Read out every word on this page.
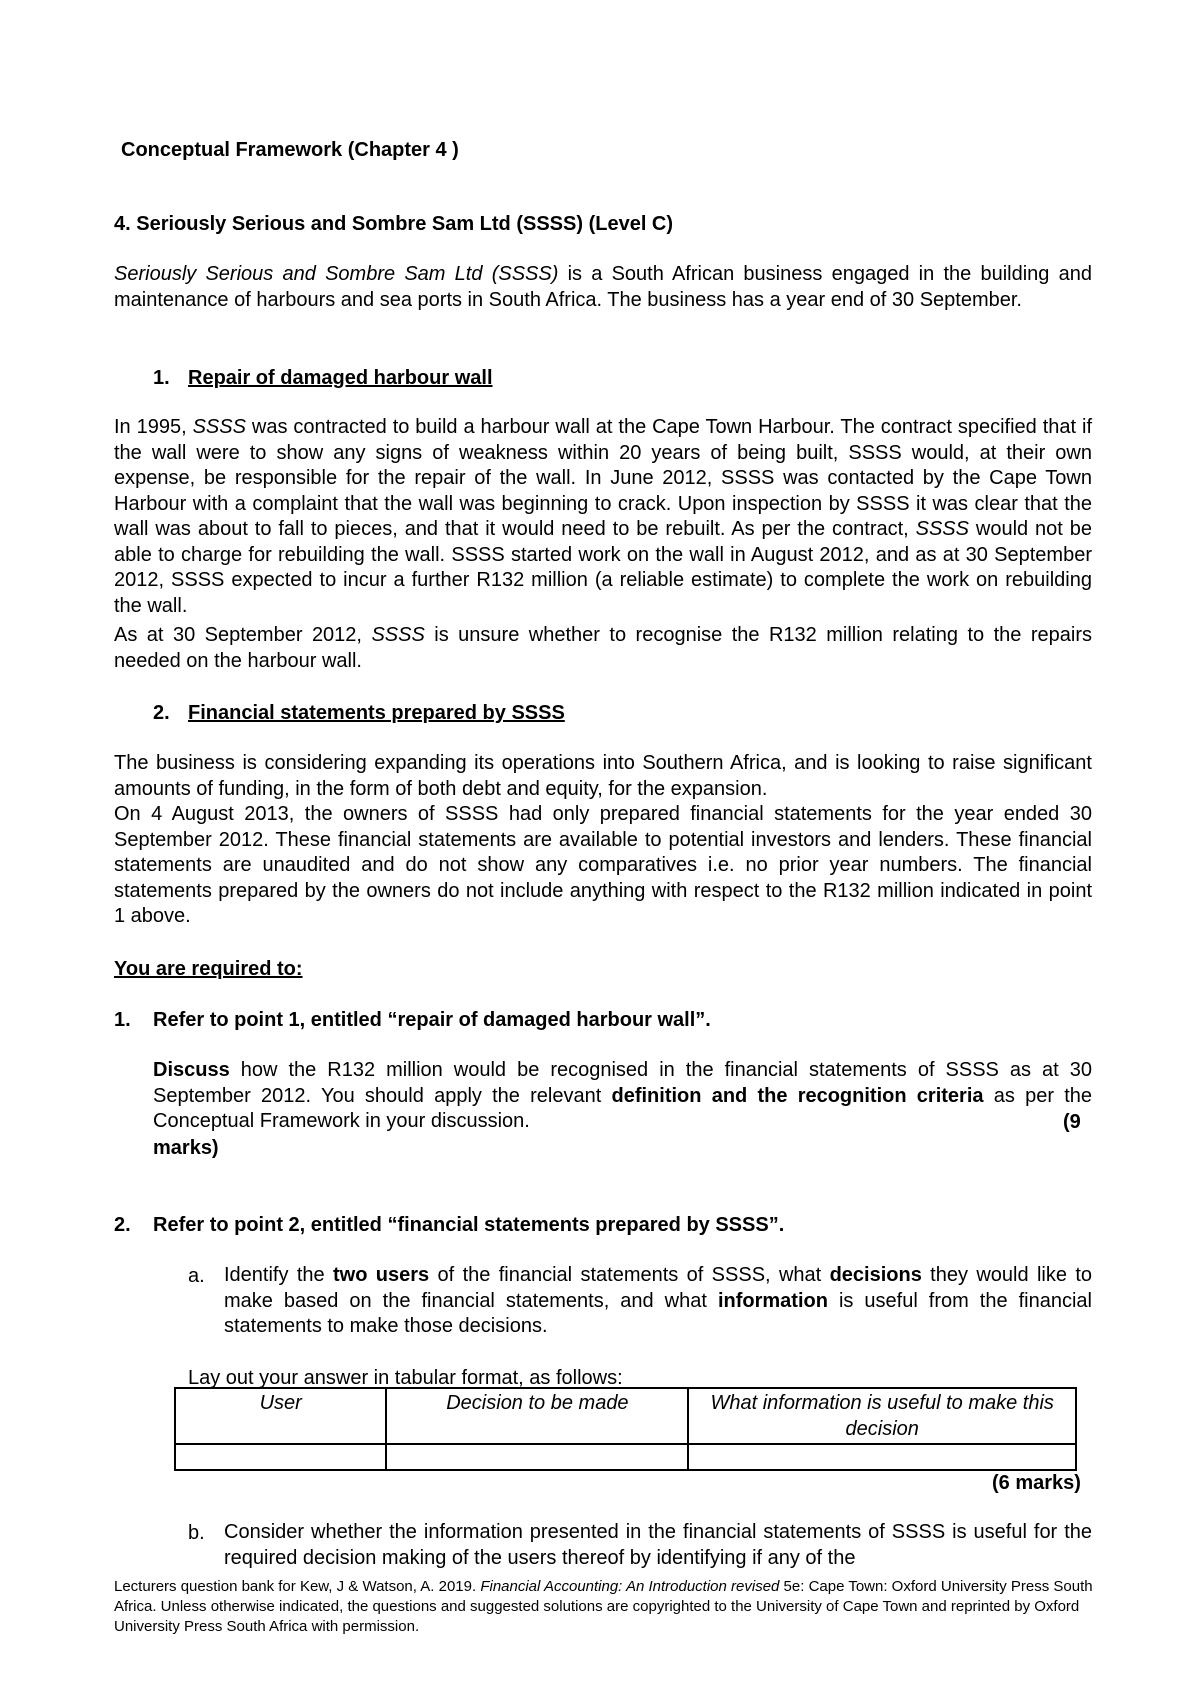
Conceptual Framework (Chapter 4 )
4. Seriously Serious and Sombre Sam Ltd (SSSS) (Level C)
Seriously Serious and Sombre Sam Ltd (SSSS) is a South African business engaged in the building and maintenance of harbours and sea ports in South Africa. The business has a year end of 30 September.
1. Repair of damaged harbour wall
In 1995, SSSS was contracted to build a harbour wall at the Cape Town Harbour. The contract specified that if the wall were to show any signs of weakness within 20 years of being built, SSSS would, at their own expense, be responsible for the repair of the wall. In June 2012, SSSS was contacted by the Cape Town Harbour with a complaint that the wall was beginning to crack. Upon inspection by SSSS it was clear that the wall was about to fall to pieces, and that it would need to be rebuilt. As per the contract, SSSS would not be able to charge for rebuilding the wall. SSSS started work on the wall in August 2012, and as at 30 September 2012, SSSS expected to incur a further R132 million (a reliable estimate) to complete the work on rebuilding the wall.
As at 30 September 2012, SSSS is unsure whether to recognise the R132 million relating to the repairs needed on the harbour wall.
2. Financial statements prepared by SSSS
The business is considering expanding its operations into Southern Africa, and is looking to raise significant amounts of funding, in the form of both debt and equity, for the expansion.
On 4 August 2013, the owners of SSSS had only prepared financial statements for the year ended 30 September 2012. These financial statements are available to potential investors and lenders. These financial statements are unaudited and do not show any comparatives i.e. no prior year numbers. The financial statements prepared by the owners do not include anything with respect to the R132 million indicated in point 1 above.
You are required to:
1. Refer to point 1, entitled “repair of damaged harbour wall”.
Discuss how the R132 million would be recognised in the financial statements of SSSS as at 30 September 2012. You should apply the relevant definition and the recognition criteria as per the Conceptual Framework in your discussion.	(9
marks)
2. Refer to point 2, entitled “financial statements prepared by SSSS”.
a. Identify the two users of the financial statements of SSSS, what decisions they would like to make based on the financial statements, and what information is useful from the financial statements to make those decisions.
Lay out your answer in tabular format, as follows:
User	Decision to be made	What information is useful to make this decision

(6 marks)
b. Consider whether the information presented in the financial statements of SSSS is useful for the required decision making of the users thereof by identifying if any of the
Lecturers question bank for Kew, J & Watson, A. 2019. Financial Accounting: An Introduction revised 5e: Cape Town: Oxford University Press South Africa. Unless otherwise indicated, the questions and suggested solutions are copyrighted to the University of Cape Town and reprinted by Oxford University Press South Africa with permission.
